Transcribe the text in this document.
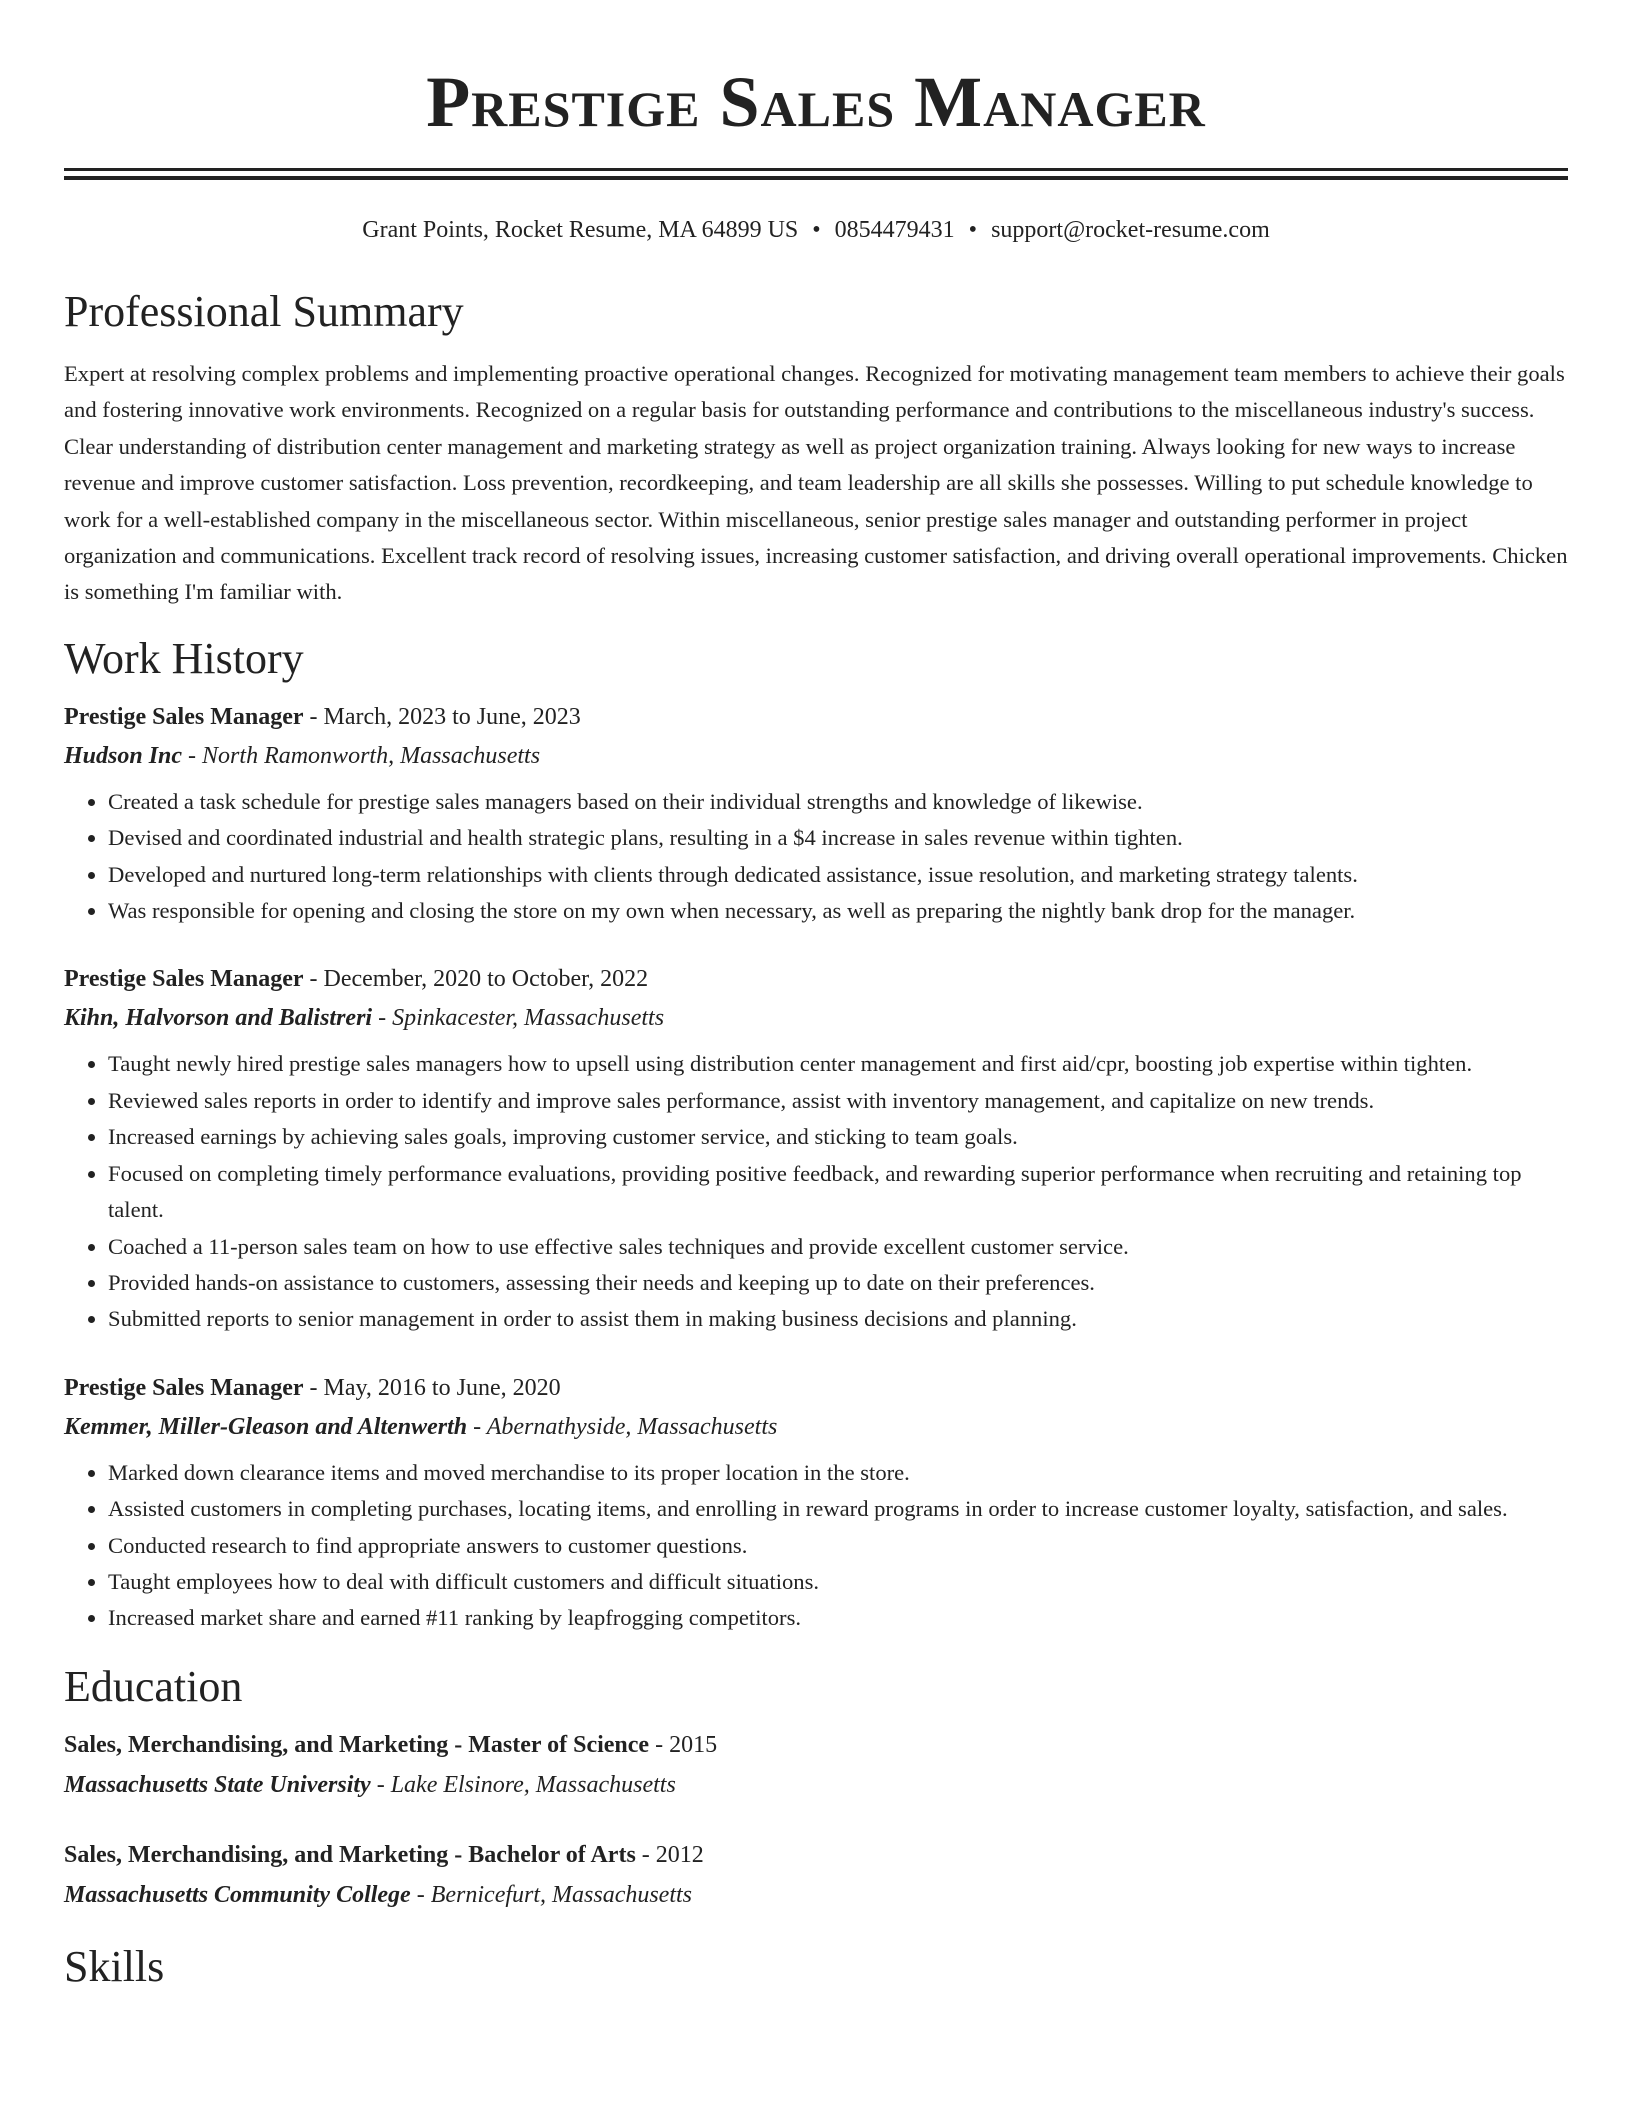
Prestige Sales Manager
Grant Points, Rocket Resume, MA 64899 US • 0854479431 • support@rocket-resume.com
Professional Summary
Expert at resolving complex problems and implementing proactive operational changes. Recognized for motivating management team members to achieve their goals and fostering innovative work environments. Recognized on a regular basis for outstanding performance and contributions to the miscellaneous industry's success. Clear understanding of distribution center management and marketing strategy as well as project organization training. Always looking for new ways to increase revenue and improve customer satisfaction. Loss prevention, recordkeeping, and team leadership are all skills she possesses. Willing to put schedule knowledge to work for a well-established company in the miscellaneous sector. Within miscellaneous, senior prestige sales manager and outstanding performer in project organization and communications. Excellent track record of resolving issues, increasing customer satisfaction, and driving overall operational improvements. Chicken is something I'm familiar with.
Work History
Prestige Sales Manager - March, 2023 to June, 2023
Hudson Inc - North Ramonworth, Massachusetts
• Created a task schedule for prestige sales managers based on their individual strengths and knowledge of likewise.
• Devised and coordinated industrial and health strategic plans, resulting in a $4 increase in sales revenue within tighten.
• Developed and nurtured long-term relationships with clients through dedicated assistance, issue resolution, and marketing strategy talents.
• Was responsible for opening and closing the store on my own when necessary, as well as preparing the nightly bank drop for the manager.
Prestige Sales Manager - December, 2020 to October, 2022
Kihn, Halvorson and Balistreri - Spinkacester, Massachusetts
• Taught newly hired prestige sales managers how to upsell using distribution center management and first aid/cpr, boosting job expertise within tighten.
• Reviewed sales reports in order to identify and improve sales performance, assist with inventory management, and capitalize on new trends.
• Increased earnings by achieving sales goals, improving customer service, and sticking to team goals.
• Focused on completing timely performance evaluations, providing positive feedback, and rewarding superior performance when recruiting and retaining top talent.
• Coached a 11-person sales team on how to use effective sales techniques and provide excellent customer service.
• Provided hands-on assistance to customers, assessing their needs and keeping up to date on their preferences.
• Submitted reports to senior management in order to assist them in making business decisions and planning.
Prestige Sales Manager - May, 2016 to June, 2020
Kemmer, Miller-Gleason and Altenwerth - Abernathyside, Massachusetts
• Marked down clearance items and moved merchandise to its proper location in the store.
• Assisted customers in completing purchases, locating items, and enrolling in reward programs in order to increase customer loyalty, satisfaction, and sales.
• Conducted research to find appropriate answers to customer questions.
• Taught employees how to deal with difficult customers and difficult situations.
• Increased market share and earned #11 ranking by leapfrogging competitors.
Education
Sales, Merchandising, and Marketing - Master of Science - 2015
Massachusetts State University - Lake Elsinore, Massachusetts
Sales, Merchandising, and Marketing - Bachelor of Arts - 2012
Massachusetts Community College - Bernicefurt, Massachusetts
Skills
